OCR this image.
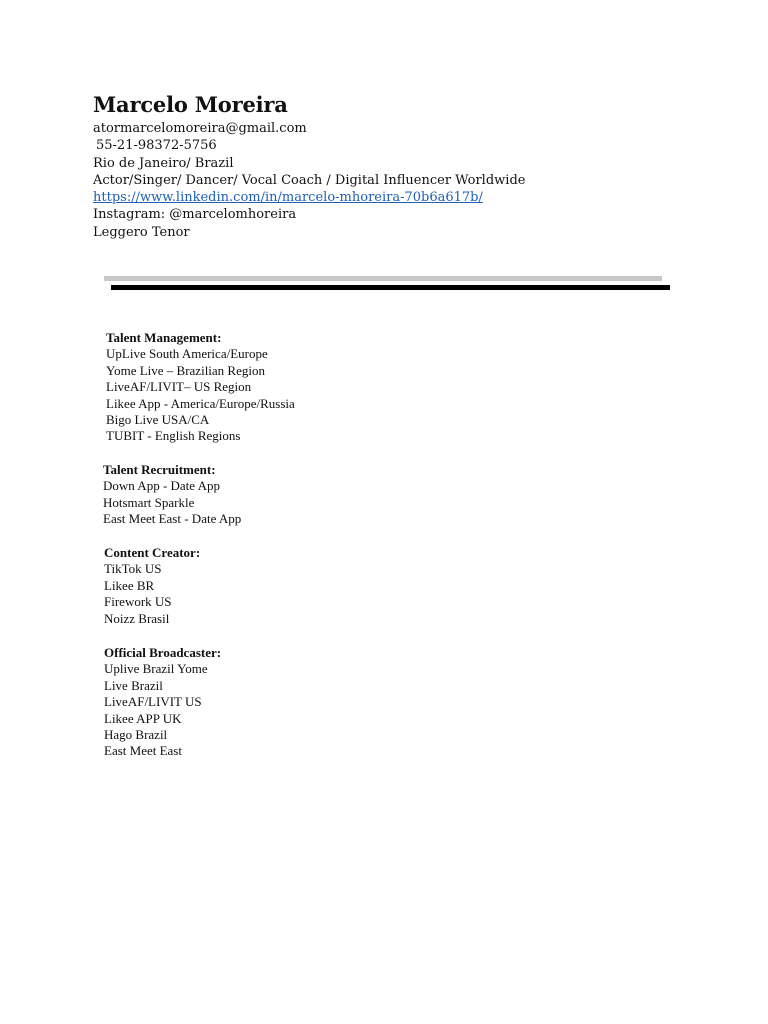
Marcelo Moreira
atormarcelomoreira@gmail.com
55-21-98372-5756
Rio de Janeiro/ Brazil
Actor/Singer/ Dancer/ Vocal Coach / Digital Influencer Worldwide
https://www.linkedin.com/in/marcelo-mhoreira-70b6a617b/
Instagram: @marcelomhoreira
Leggero Tenor
Talent Management:
UpLive South America/Europe
Yome Live – Brazilian Region
LiveAF/LIVIT– US Region
Likee App - America/Europe/Russia
Bigo Live USA/CA
TUBIT - English Regions
Talent Recruitment:
Down App - Date App
Hotsmart Sparkle
East Meet East - Date App
Content Creator:
TikTok US
Likee BR
Firework US
Noizz Brasil
Official Broadcaster:
Uplive Brazil Yome
Live Brazil
LiveAF/LIVIT US
Likee APP UK
Hago Brazil
East Meet East
